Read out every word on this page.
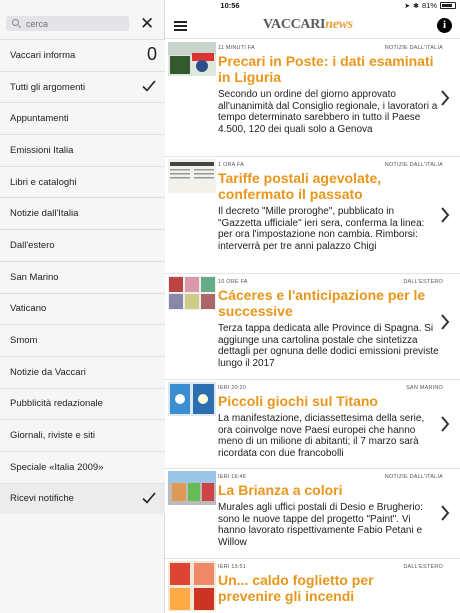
10:56	➤ ✱ 81%
cerca
✕
Vaccari informa	0
Tutti gli argomenti
Appuntamenti
Emissioni Italia
Libri e cataloghi
Notizie dall'Italia
Dall'estero
San Marino
Vaticano
Smom
Notizie da Vaccari
Pubblicità redazionale
Giornali, riviste e siti
Speciale «Italia 2009»
Ricevi notifiche
VACCARInews	i
11 MINUTI FA	NOTIZIE DALL'ITALIA
Precari in Poste: i dati esaminati in Liguria
Secondo un ordine del giorno approvato all'unanimità dal Consiglio regionale, i lavoratori a tempo determinato sarebbero in tutto il Paese 4.500, 120 dei quali solo a Genova
1 ORA FA	NOTIZIE DALL'ITALIA
Tariffe postali agevolate, confermato il passato
Il decreto "Mille proroghe", pubblicato in "Gazzetta ufficiale" ieri sera, conferma la linea: per ora l'impostazione non cambia. Rimborsi: interverrà per tre anni palazzo Chigi
10 ORE FA	DALL'ESTERO
Cáceres e l'anticipazione per le successive
Terza tappa dedicata alle Province di Spagna. Si aggiunge una cartolina postale che sintetizza dettagli per ognuna delle dodici emissioni previste lungo il 2017
IERI 20:20	SAN MARINO
Piccoli giochi sul Titano
La manifestazione, diciassettesima della serie, ora coinvolge nove Paesi europei che hanno meno di un milione di abitanti; il 7 marzo sarà ricordata con due francobolli
IERI 16:46	NOTIZIE DALL'ITALIA
La Brianza a colori
Murales agli uffici postali di Desio e Brugherio: sono le nuove tappe del progetto "Paint". Vi hanno lavorato rispettivamente Fabio Petani e Willow
IERI 13:51	DALL'ESTERO
Un... caldo foglietto per prevenire gli incendi
